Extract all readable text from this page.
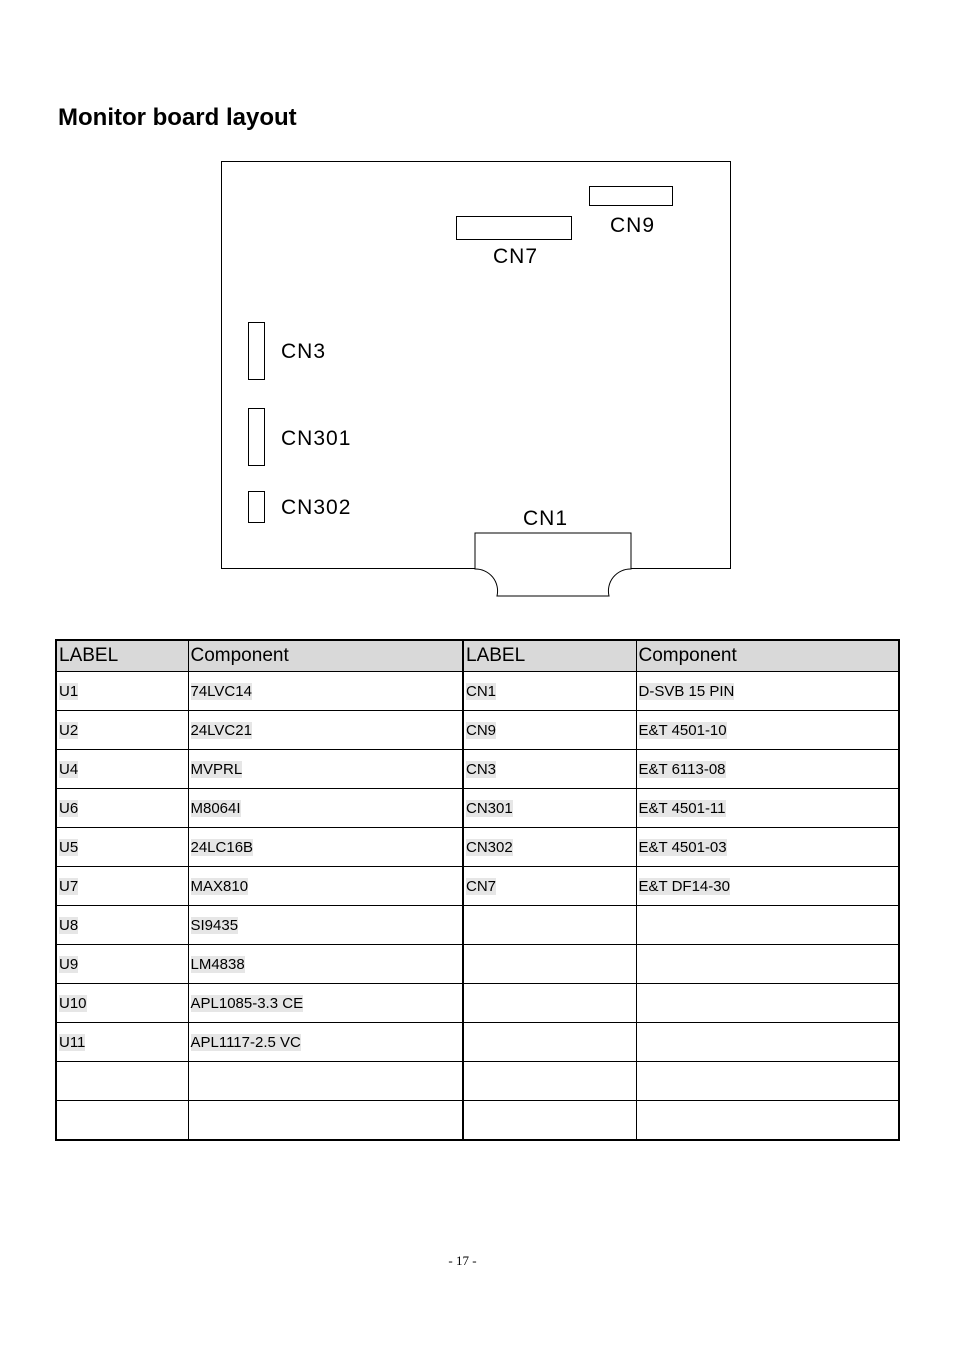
Monitor board layout
CN9
CN7
CN3
CN301
CN302	CN1
LABEL	Component	LABEL	Component
U1	74LVC14	CN1	D-SVB 15 PIN
U2	24LVC21	CN9	E&T 4501-10
U4	MVPRL	CN3	E&T 6113-08
U6	M8064I	CN301	E&T 4501-11
U5	24LC16B	CN302	E&T 4501-03
U7	MAX810	CN7	E&T DF14-30
U8	SI9435		
U9	LM4838		
U10	APL1085-3.3 CE		
U11	APL1117-2.5 VC		

- 17 -
